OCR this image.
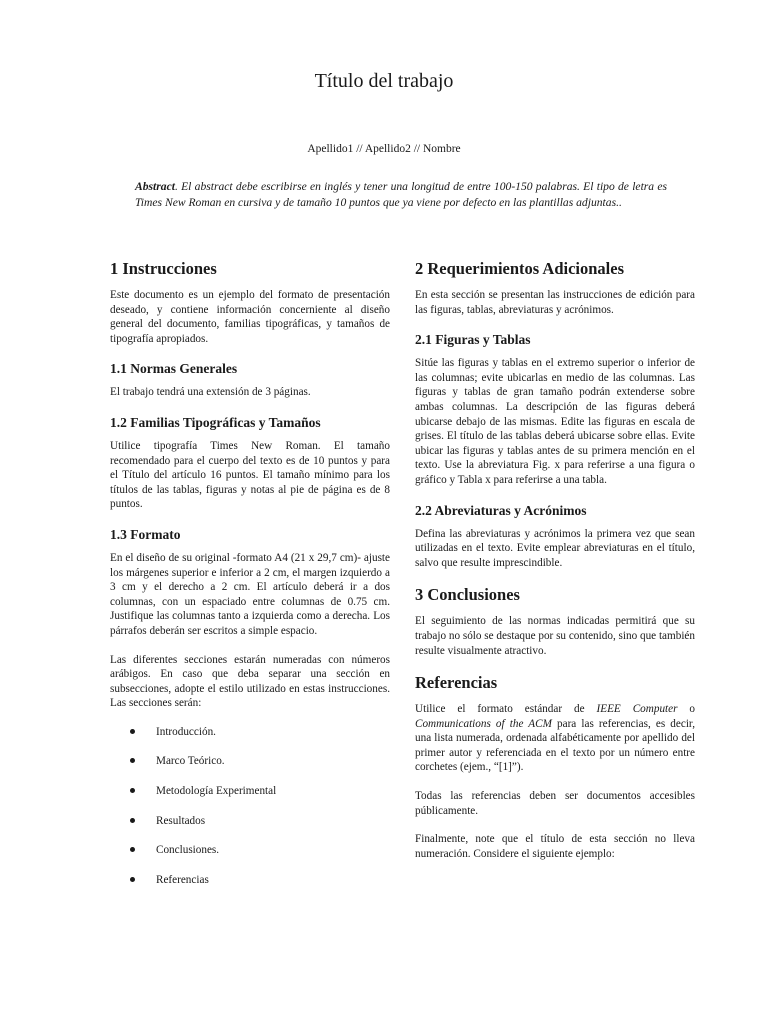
Título del trabajo
Apellido1 // Apellido2 // Nombre
Abstract. El abstract debe escribirse en inglés y tener una longitud de entre 100-150 palabras. El tipo de letra es Times New Roman en cursiva y de tamaño 10 puntos que ya viene por defecto en las plantillas adjuntas..
1 Instrucciones

Este documento es un ejemplo del formato de presentación deseado, y contiene información concerniente al diseño general del documento, familias tipográficas, y tamaños de tipografía apropiados.

1.1 Normas Generales

El trabajo tendrá una extensión de 3 páginas.

1.2 Familias Tipográficas y Tamaños

Utilice tipografía Times New Roman. El tamaño recomendado para el cuerpo del texto es de 10 puntos y para el Título del artículo 16 puntos. El tamaño mínimo para los títulos de las tablas, figuras y notas al pie de página es de 8 puntos.

1.3 Formato

En el diseño de su original -formato A4 (21 x 29,7 cm)- ajuste los márgenes superior e inferior a 2 cm, el margen izquierdo a 3 cm y el derecho a 2 cm. El artículo deberá ir a dos columnas, con un espaciado entre columnas de 0.75 cm. Justifique las columnas tanto a izquierda como a derecha. Los párrafos deberán ser escritos a simple espacio.

Las diferentes secciones estarán numeradas con números arábigos. En caso que deba separar una sección en subsecciones, adopte el estilo utilizado en estas instrucciones. Las secciones serán:

Introducción.
Marco Teórico.
Metodología Experimental
Resultados
Conclusiones.
Referencias
2 Requerimientos Adicionales

En esta sección se presentan las instrucciones de edición para las figuras, tablas, abreviaturas y acrónimos.

2.1 Figuras y Tablas

Sitúe las figuras y tablas en el extremo superior o inferior de las columnas; evite ubicarlas en medio de las columnas. Las figuras y tablas de gran tamaño podrán extenderse sobre ambas columnas. La descripción de las figuras deberá ubicarse debajo de las mismas. Edite las figuras en escala de grises. El título de las tablas deberá ubicarse sobre ellas. Evite ubicar las figuras y tablas antes de su primera mención en el texto. Use la abreviatura Fig. x para referirse a una figura o gráfico y Tabla x para referirse a una tabla.

2.2 Abreviaturas y Acrónimos

Defina las abreviaturas y acrónimos la primera vez que sean utilizadas en el texto. Evite emplear abreviaturas en el título, salvo que resulte imprescindible.

3 Conclusiones

El seguimiento de las normas indicadas permitirá que su trabajo no sólo se destaque por su contenido, sino que también resulte visualmente atractivo.

Referencias

Utilice el formato estándar de IEEE Computer o Communications of the ACM para las referencias, es decir, una lista numerada, ordenada alfabéticamente por apellido del primer autor y referenciada en el texto por un número entre corchetes (ejem., “[1]”).

Todas las referencias deben ser documentos accesibles públicamente.

Finalmente, note que el título de esta sección no lleva numeración. Considere el siguiente ejemplo:
